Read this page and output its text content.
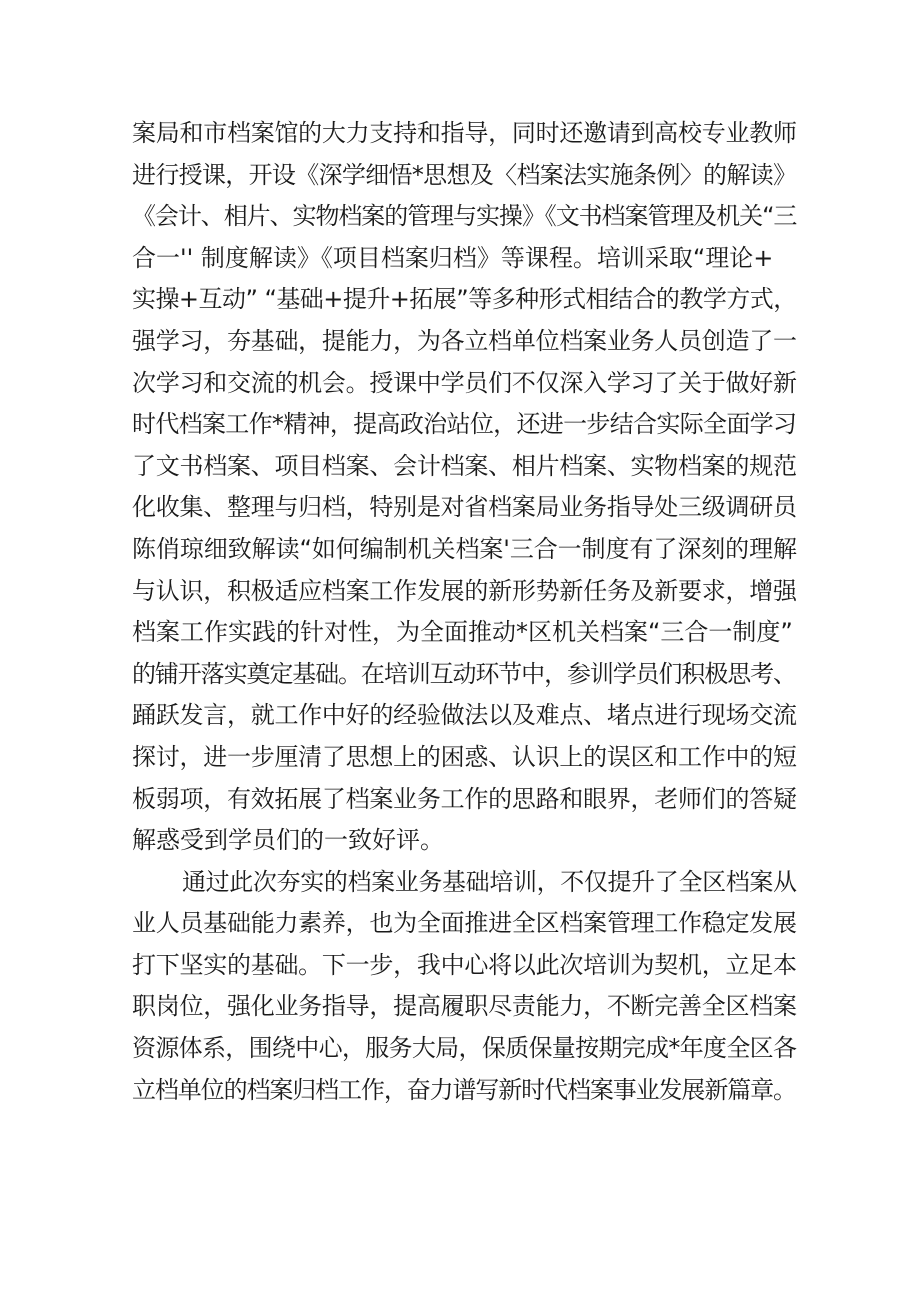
案局和市档案馆的大力支持和指导，同时还邀请到高校专业教师
进行授课，开设《深学细悟*思想及〈档案法实施条例〉的解读》
《会计、相片、实物档案的管理与实操》《文书档案管理及机关“三
合一'' 制度解读》《项目档案归档》等课程。培训采取“理论+
实操+互动” “基础+提升+拓展”等多种形式相结合的教学方式，
强学习，夯基础，提能力，为各立档单位档案业务人员创造了一
次学习和交流的机会。授课中学员们不仅深入学习了关于做好新
时代档案工作*精神，提高政治站位，还进一步结合实际全面学习
了文书档案、项目档案、会计档案、相片档案、实物档案的规范
化收集、整理与归档，特别是对省档案局业务指导处三级调研员
陈俏琼细致解读“如何编制机关档案'三合一制度有了深刻的理解
与认识，积极适应档案工作发展的新形势新任务及新要求，增强
档案工作实践的针对性，为全面推动*区机关档案“三合一制度”
的铺开落实奠定基础。在培训互动环节中，参训学员们积极思考、
踊跃发言，就工作中好的经验做法以及难点、堵点进行现场交流
探讨，进一步厘清了思想上的困惑、认识上的误区和工作中的短
板弱项，有效拓展了档案业务工作的思路和眼界，老师们的答疑
解惑受到学员们的一致好评。
通过此次夯实的档案业务基础培训，不仅提升了全区档案从
业人员基础能力素养，也为全面推进全区档案管理工作稳定发展
打下坚实的基础。下一步，我中心将以此次培训为契机，立足本
职岗位，强化业务指导，提高履职尽责能力，不断完善全区档案
资源体系，围绕中心，服务大局，保质保量按期完成*年度全区各
立档单位的档案归档工作，奋力谱写新时代档案事业发展新篇章。
